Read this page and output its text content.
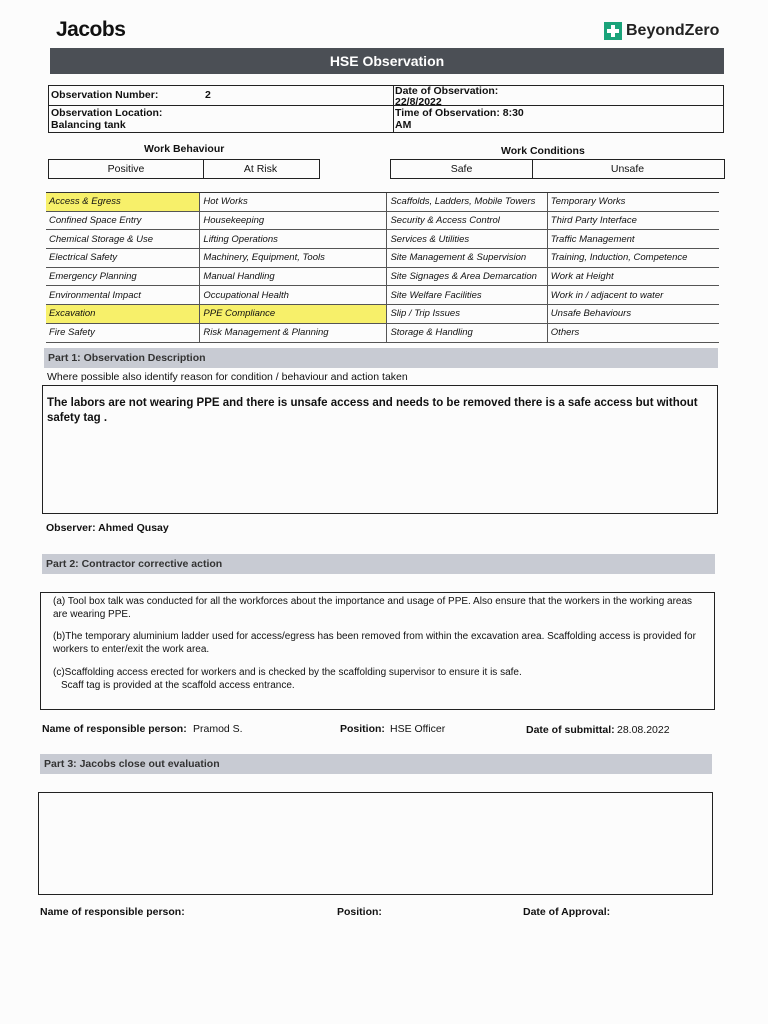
Jacobs	BeyondZero
HSE Observation
Observation Number:	2
Observation Location:
Balancing tank
Date of Observation:
22/8/2022
Time of Observation: 8:30
AM
Work Behaviour
Positive	At Risk
Work Conditions
Safe	Unsafe
Access & Egress	Hot Works	Scaffolds, Ladders, Mobile Towers	Temporary Works
Confined Space Entry	Housekeeping	Security & Access Control	Third Party Interface
Chemical Storage & Use	Lifting Operations	Services & Utilities	Traffic Management
Electrical Safety	Machinery, Equipment, Tools	Site Management & Supervision	Training, Induction, Competence
Emergency Planning	Manual Handling	Site Signages & Area Demarcation	Work at Height
Environmental Impact	Occupational Health	Site Welfare Facilities	Work in / adjacent to water
Excavation	PPE Compliance	Slip / Trip Issues	Unsafe Behaviours
Fire Safety	Risk Management & Planning	Storage & Handling	Others
Part 1: Observation Description
Where possible also identify reason for condition / behaviour and action taken
The labors are not wearing PPE and there is unsafe access and needs to be removed there is a safe access but without safety tag .
Observer: Ahmed Qusay
Part 2: Contractor corrective action
(a) Tool box talk was conducted for all the workforces about the importance and usage of PPE. Also ensure that the workers in the working areas are wearing PPE.
(b)The temporary aluminium ladder used for access/egress has been removed from within the excavation area. Scaffolding access is provided for workers to enter/exit the work area.
(c)Scaffolding access erected for workers and is checked by the scaffolding supervisor to ensure it is safe.
Scaff tag is provided at the scaffold access entrance.
Name of responsible person: Pramod S.	Position: HSE Officer	Date of submittal: 28.08.2022
Part 3: Jacobs close out evaluation
Name of responsible person:	Position:	Date of Approval:
